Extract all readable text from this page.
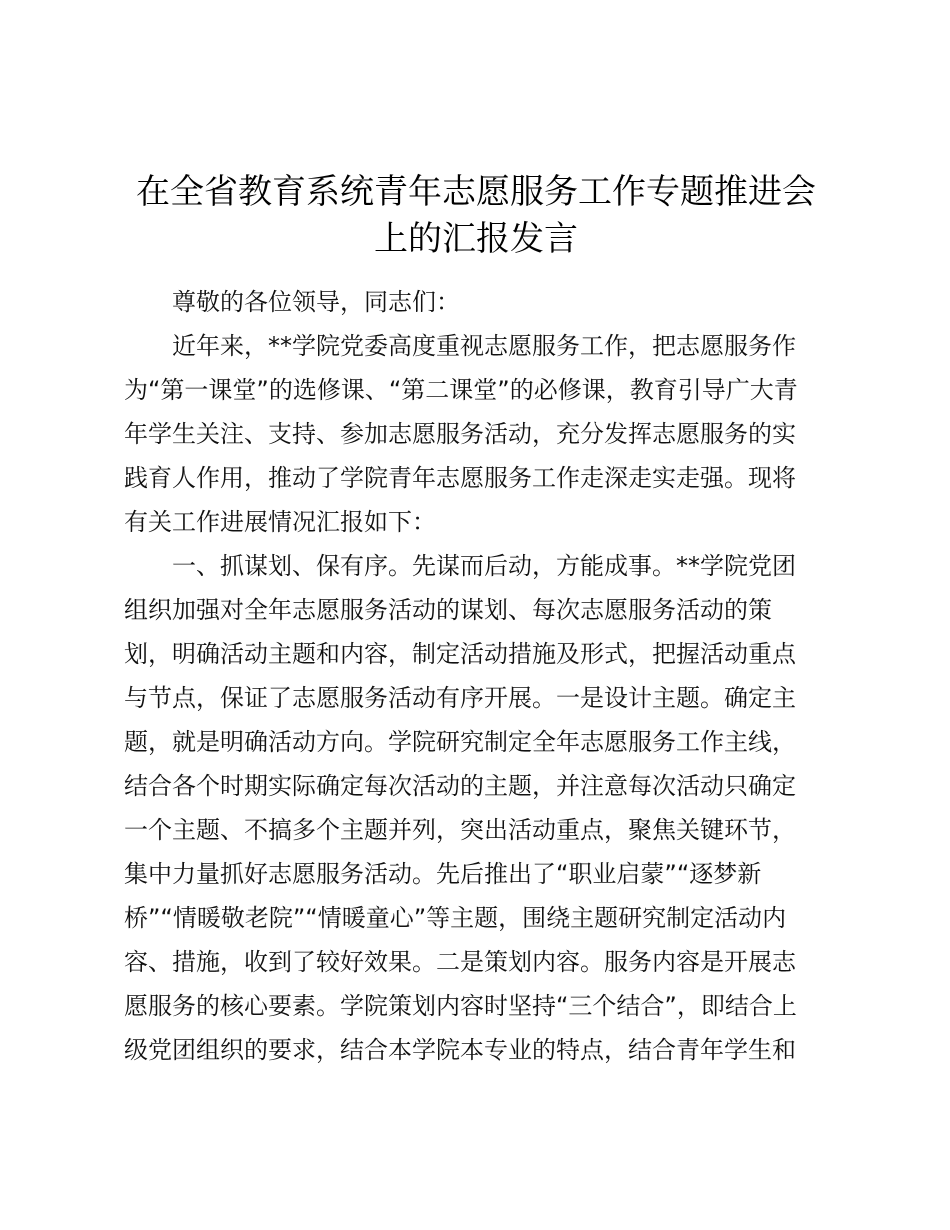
在全省教育系统青年志愿服务工作专题推进会
上的汇报发言

尊敬的各位领导，同志们：

近年来，**学院党委高度重视志愿服务工作，把志愿服务作

为“第一课堂”的选修课、“第二课堂”的必修课，教育引导广大青

年学生关注、支持、参加志愿服务活动，充分发挥志愿服务的实

践育人作用，推动了学院青年志愿服务工作走深走实走强。现将

有关工作进展情况汇报如下：

一、抓谋划、保有序。先谋而后动，方能成事。**学院党团

组织加强对全年志愿服务活动的谋划、每次志愿服务活动的策

划，明确活动主题和内容，制定活动措施及形式，把握活动重点

与节点，保证了志愿服务活动有序开展。一是设计主题。确定主

题，就是明确活动方向。学院研究制定全年志愿服务工作主线，

结合各个时期实际确定每次活动的主题，并注意每次活动只确定

一个主题、不搞多个主题并列，突出活动重点，聚焦关键环节，

集中力量抓好志愿服务活动。先后推出了“职业启蒙”“逐梦新

桥”“情暖敬老院”“情暖童心”等主题，围绕主题研究制定活动内

容、措施，收到了较好效果。二是策划内容。服务内容是开展志

愿服务的核心要素。学院策划内容时坚持“三个结合”，即结合上

级党团组织的要求，结合本学院本专业的特点，结合青年学生和
